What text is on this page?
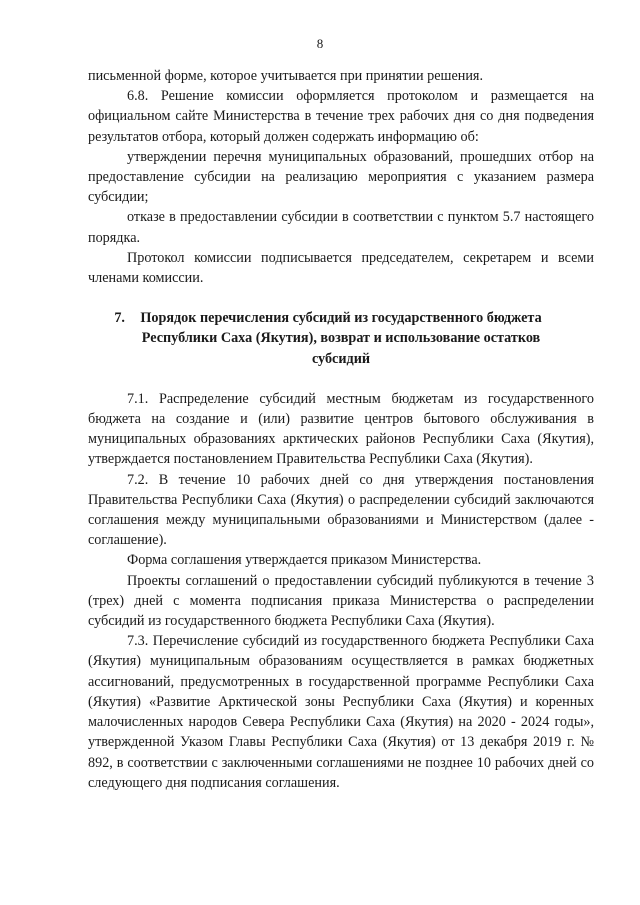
8

письменной форме, которое учитывается при принятии решения.

6.8. Решение комиссии оформляется протоколом и размещается на официальном сайте Министерства в течение трех рабочих дня со дня подведения результатов отбора, который должен содержать информацию об:

утверждении перечня муниципальных образований, прошедших отбор на предоставление субсидии на реализацию мероприятия с указанием размера субсидии;

отказе в предоставлении субсидии в соответствии с пунктом 5.7 настоящего порядка.

Протокол комиссии подписывается председателем, секретарем и всеми членами комиссии.

7. Порядок перечисления субсидий из государственного бюджета Республики Саха (Якутия), возврат и использование остатков субсидий

7.1. Распределение субсидий местным бюджетам из государственного бюджета на создание и (или) развитие центров бытового обслуживания в муниципальных образованиях арктических районов Республики Саха (Якутия), утверждается постановлением Правительства Республики Саха (Якутия).

7.2. В течение 10 рабочих дней со дня утверждения постановления Правительства Республики Саха (Якутия) о распределении субсидий заключаются соглашения между муниципальными образованиями и Министерством (далее - соглашение).

Форма соглашения утверждается приказом Министерства.

Проекты соглашений о предоставлении субсидий публикуются в течение 3 (трех) дней с момента подписания приказа Министерства о распределении субсидий из государственного бюджета Республики Саха (Якутия).

7.3. Перечисление субсидий из государственного бюджета Республики Саха (Якутия) муниципальным образованиям осуществляется в рамках бюджетных ассигнований, предусмотренных в государственной программе Республики Саха (Якутия) «Развитие Арктической зоны Республики Саха (Якутия) и коренных малочисленных народов Севера Республики Саха (Якутия) на 2020 - 2024 годы», утвержденной Указом Главы Республики Саха (Якутия) от 13 декабря 2019 г. № 892, в соответствии с заключенными соглашениями не позднее 10 рабочих дней со следующего дня подписания соглашения.
